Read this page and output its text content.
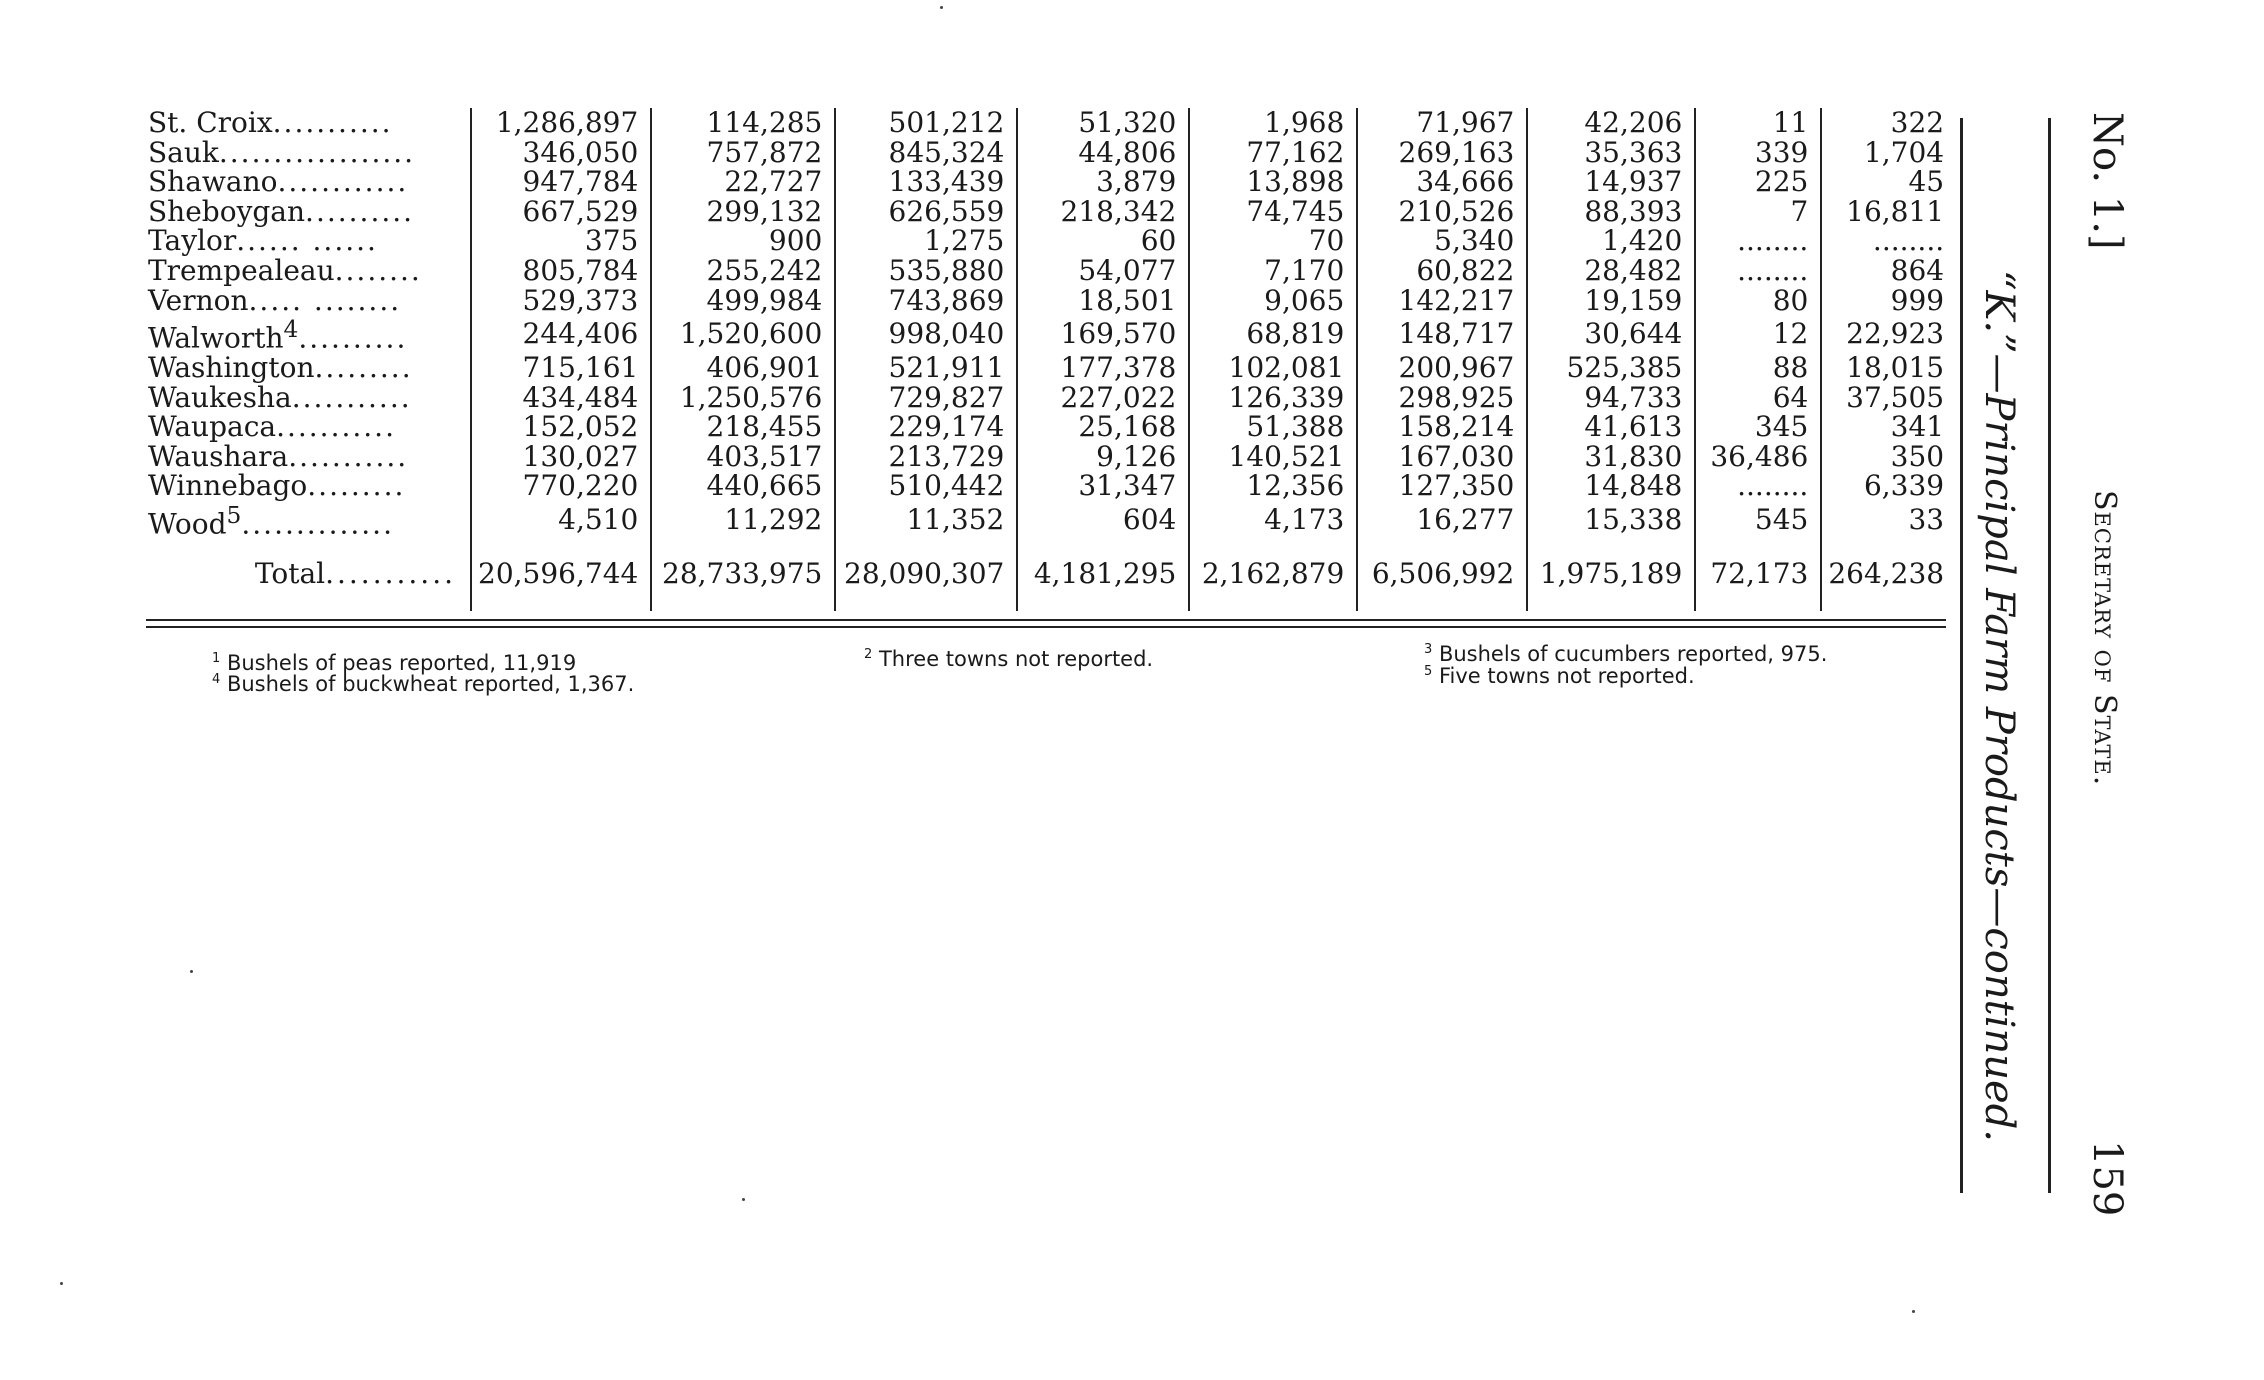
St. Croix...........	1,286,897	114,285	501,212	51,320	1,968	71,967	42,206	11	322
Sauk..................	346,050	757,872	845,324	44,806	77,162	269,163	35,363	339	1,704
Shawano............	947,784	22,727	133,439	3,879	13,898	34,666	14,937	225	45
Sheboygan..........	667,529	299,132	626,559	218,342	74,745	210,526	88,393	7	16,811
Taylor...... ......	375	900	1,275	60	70	5,340	1,420	........	........
Trempealeau........	805,784	255,242	535,880	54,077	7,170	60,822	28,482	........	864
Vernon..... ........	529,373	499,984	743,869	18,501	9,065	142,217	19,159	80	999
Walworth$^4$..........	244,406	1,520,600	998,040	169,570	68,819	148,717	30,644	12	22,923
Washington.........	715,161	406,901	521,911	177,378	102,081	200,967	525,385	88	18,015
Waukesha...........	434,484	1,250,576	729,827	227,022	126,339	298,925	94,733	64	37,505
Waupaca...........	152,052	218,455	229,174	25,168	51,388	158,214	41,613	345	341
Waushara...........	130,027	403,517	213,729	9,126	140,521	167,030	31,830	36,486	350
Winnebago.........	770,220	440,665	510,442	31,347	12,356	127,350	14,848	........	6,339
Wood$^5$..............	4,510	11,292	11,352	604	4,173	16,277	15,338	545	33
Total...........	20,596,744	28,733,975	28,090,307	4,181,295	2,162,879	6,506,992	1,975,189	72,173	264,238
$^1$ Bushels of peas reported, 11,919
$^4$ Bushels of buckwheat reported, 1,367.
$^2$ Three towns not reported.	$^3$ Bushels of cucumbers reported, 975.
$^5$ Five towns not reported.	“K.”—Principal Farm Products—continued.
No. 1.]
Secretary of State.
159
